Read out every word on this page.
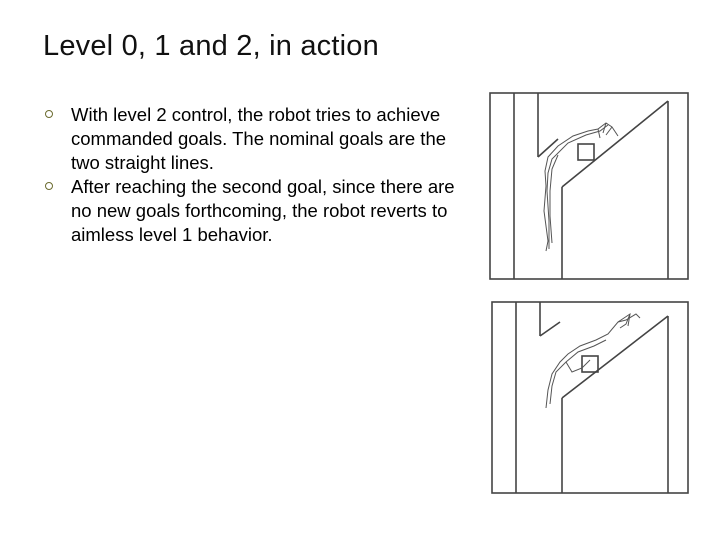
Level 0, 1 and 2, in action
With level 2 control, the robot tries to achieve commanded goals. The nominal goals are the two straight lines.
After reaching the second goal, since there are no new goals forthcoming, the robot reverts to aimless level 1 behavior.
